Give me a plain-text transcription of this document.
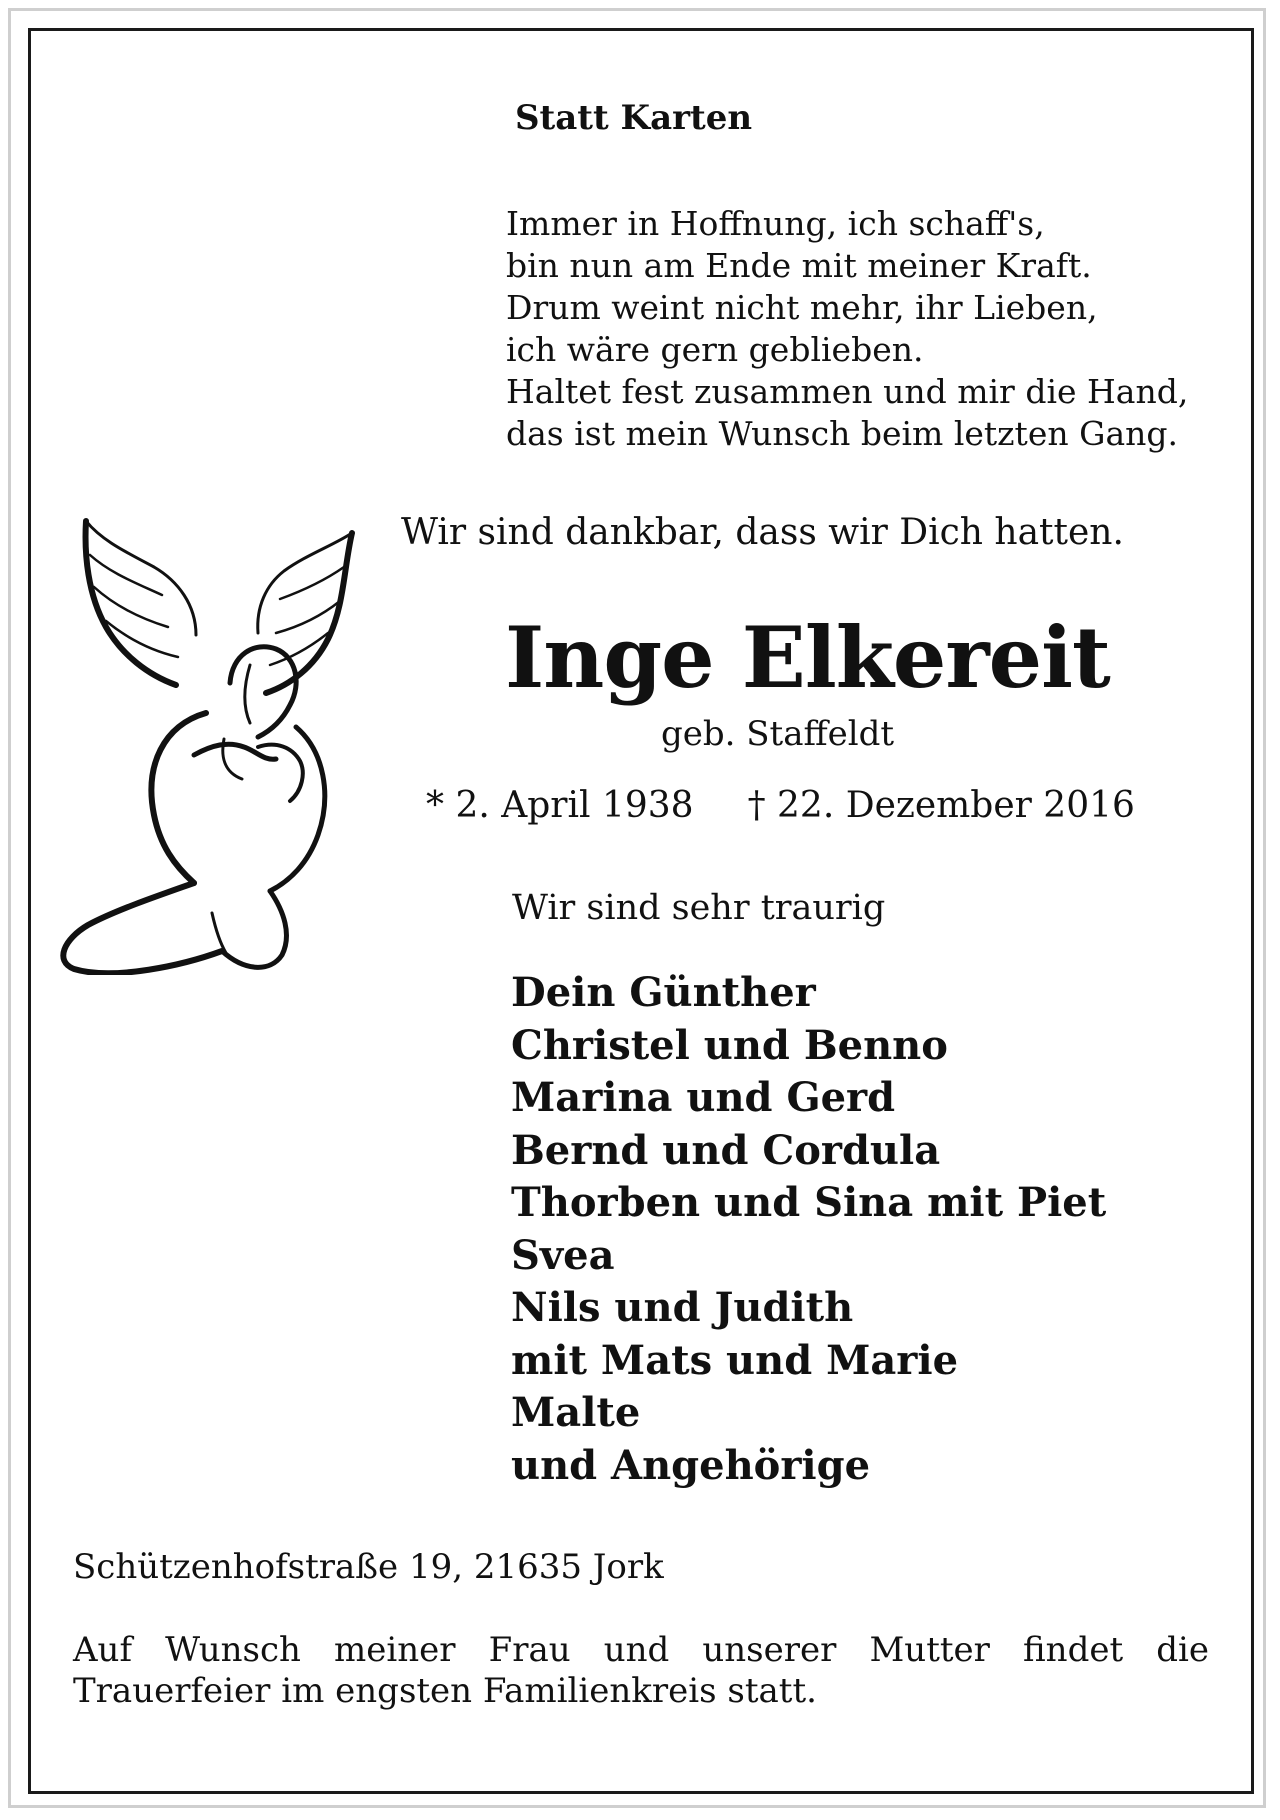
Statt Karten
Immer in Hoffnung, ich schaff's,
bin nun am Ende mit meiner Kraft.
Drum weint nicht mehr, ihr Lieben,
ich wäre gern geblieben.
Haltet fest zusammen und mir die Hand,
das ist mein Wunsch beim letzten Gang.
Wir sind dankbar, dass wir Dich hatten.
Inge Elkereit
geb. Staffeldt
* 2. April 1938 † 22. Dezember 2016
Wir sind sehr traurig
Dein Günther
Christel und Benno
Marina und Gerd
Bernd und Cordula
Thorben und Sina mit Piet
Svea
Nils und Judith
mit Mats und Marie
Malte
und Angehörige
Schützenhofstraße 19, 21635 Jork
Auf Wunsch meiner Frau und unserer Mutter findet die Trauerfeier im engsten Familienkreis statt.
